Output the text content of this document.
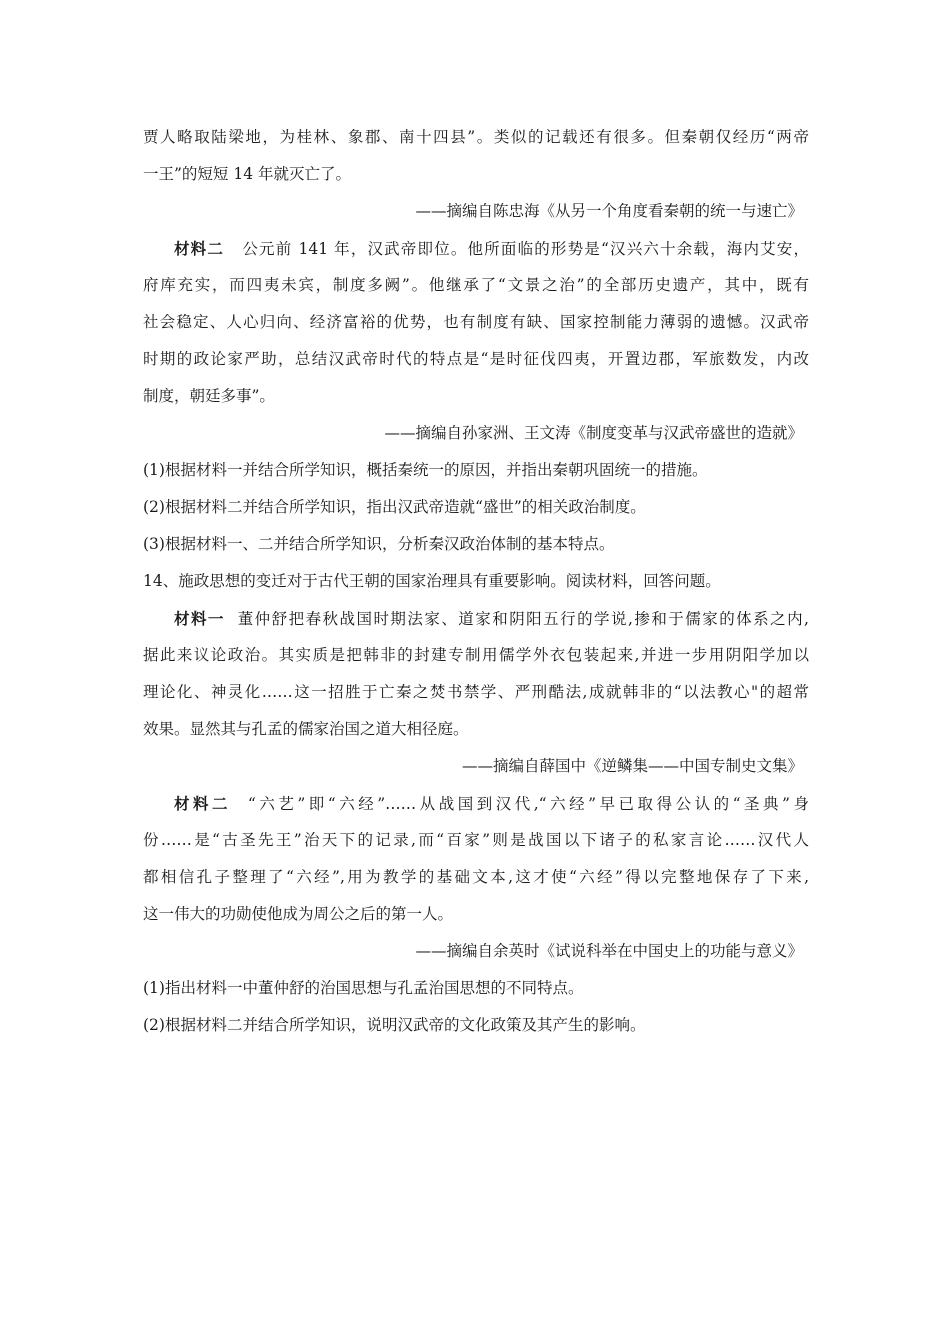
贾人略取陆梁地，为桂林、象郡、南十四县”。类似的记载还有很多。但秦朝仅经历“两帝
一王”的短短 14 年就灭亡了。
——摘编自陈忠海《从另一个角度看秦朝的统一与速亡》
材料二 公元前 141 年，汉武帝即位。他所面临的形势是“汉兴六十余载，海内艾安，
府库充实，而四夷未宾，制度多阙”。他继承了“文景之治”的全部历史遗产，其中，既有
社会稳定、人心归向、经济富裕的优势，也有制度有缺、国家控制能力薄弱的遗憾。汉武帝
时期的政论家严助，总结汉武帝时代的特点是“是时征伐四夷，开置边郡，军旅数发，内改
制度，朝廷多事”。
——摘编自孙家洲、王文涛《制度变革与汉武帝盛世的造就》
(1)根据材料一并结合所学知识，概括秦统一的原因，并指出秦朝巩固统一的措施。
(2)根据材料二并结合所学知识，指出汉武帝造就“盛世”的相关政治制度。
(3)根据材料一、二并结合所学知识，分析秦汉政治体制的基本特点。
14、施政思想的变迁对于古代王朝的国家治理具有重要影响。阅读材料，回答问题。
材料一 董仲舒把春秋战国时期法家、道家和阴阳五行的学说,掺和于儒家的体系之内,
据此来议论政治。其实质是把韩非的封建专制用儒学外衣包装起来,并进一步用阴阳学加以
理论化、神灵化……这一招胜于亡秦之焚书禁学、严刑酷法,成就韩非的“以法教心"的超常
效果。显然其与孔孟的儒家治国之道大相径庭。
——摘编自薛国中《逆鳞集——中国专制史文集》
材料二 “六艺”即“六经”……从战国到汉代,“六经”早已取得公认的“圣典”身
份……是“古圣先王”治天下的记录,而“百家”则是战国以下诸子的私家言论……汉代人
都相信孔子整理了“六经”,用为教学的基础文本,这才使“六经”得以完整地保存了下来,
这一伟大的功勋使他成为周公之后的第一人。
——摘编自余英时《试说科举在中国史上的功能与意义》
(1)指出材料一中董仲舒的治国思想与孔孟治国思想的不同特点。
(2)根据材料二并结合所学知识，说明汉武帝的文化政策及其产生的影响。
